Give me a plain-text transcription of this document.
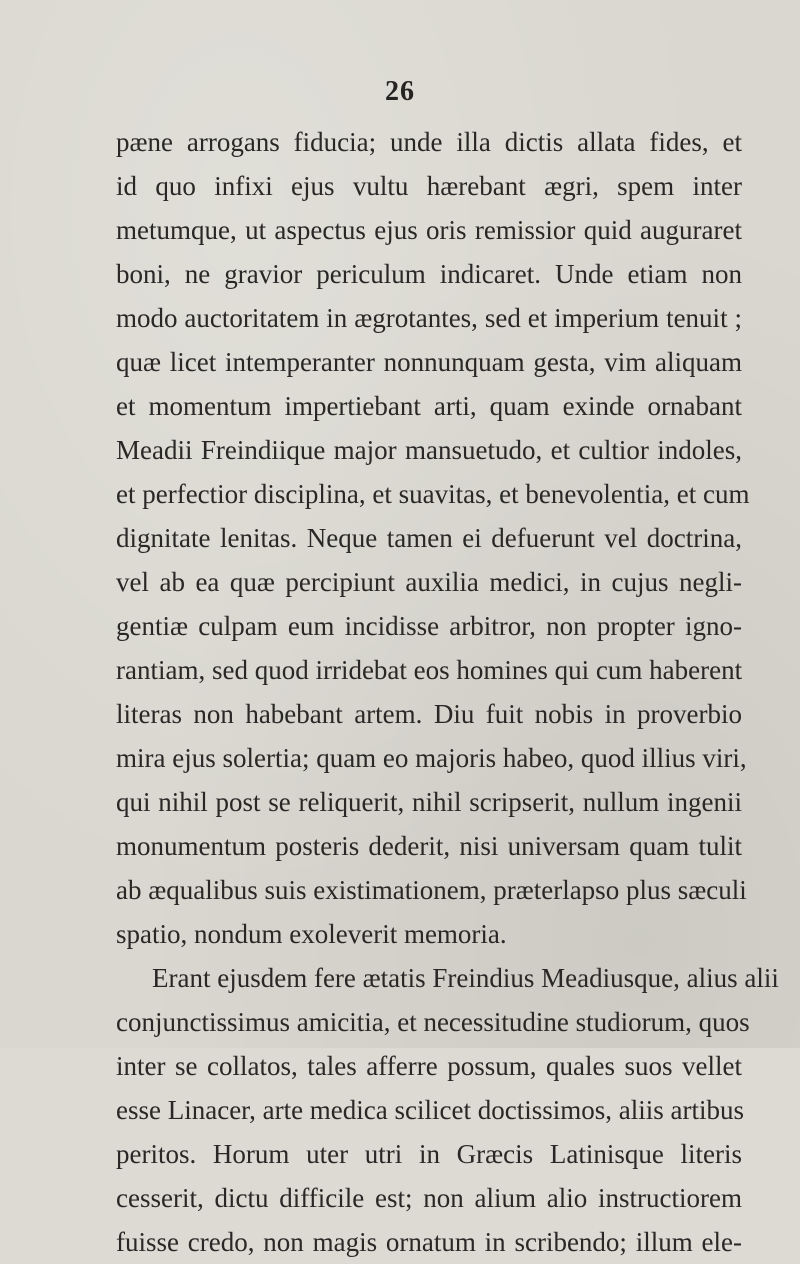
26
pæne arrogans fiducia; unde illa dictis allata fides, et
id quo infixi ejus vultu hærebant ægri, spem inter
metumque, ut aspectus ejus oris remissior quid auguraret
boni, ne gravior periculum indicaret. Unde etiam non
modo auctoritatem in ægrotantes, sed et imperium tenuit ;
quæ licet intemperanter nonnunquam gesta, vim aliquam
et momentum impertiebant arti, quam exinde ornabant
Meadii Freindiique major mansuetudo, et cultior indoles,
et perfectior disciplina, et suavitas, et benevolentia, et cum
dignitate lenitas. Neque tamen ei defuerunt vel doctrina,
vel ab ea quæ percipiunt auxilia medici, in cujus negli-
gentiæ culpam eum incidisse arbitror, non propter igno-
rantiam, sed quod irridebat eos homines qui cum haberent
literas non habebant artem. Diu fuit nobis in proverbio
mira ejus solertia; quam eo majoris habeo, quod illius viri,
qui nihil post se reliquerit, nihil scripserit, nullum ingenii
monumentum posteris dederit, nisi universam quam tulit
ab æqualibus suis existimationem, præterlapso plus sæculi
spatio, nondum exoleverit memoria.
Erant ejusdem fere ætatis Freindius Meadiusque, alius alii
conjunctissimus amicitia, et necessitudine studiorum, quos
inter se collatos, tales afferre possum, quales suos vellet
esse Linacer, arte medica scilicet doctissimos, aliis artibus
peritos. Horum uter utri in Græcis Latinisque literis
cesserit, dictu difficile est; non alium alio instructiorem
fuisse credo, non magis ornatum in scribendo; illum ele-
